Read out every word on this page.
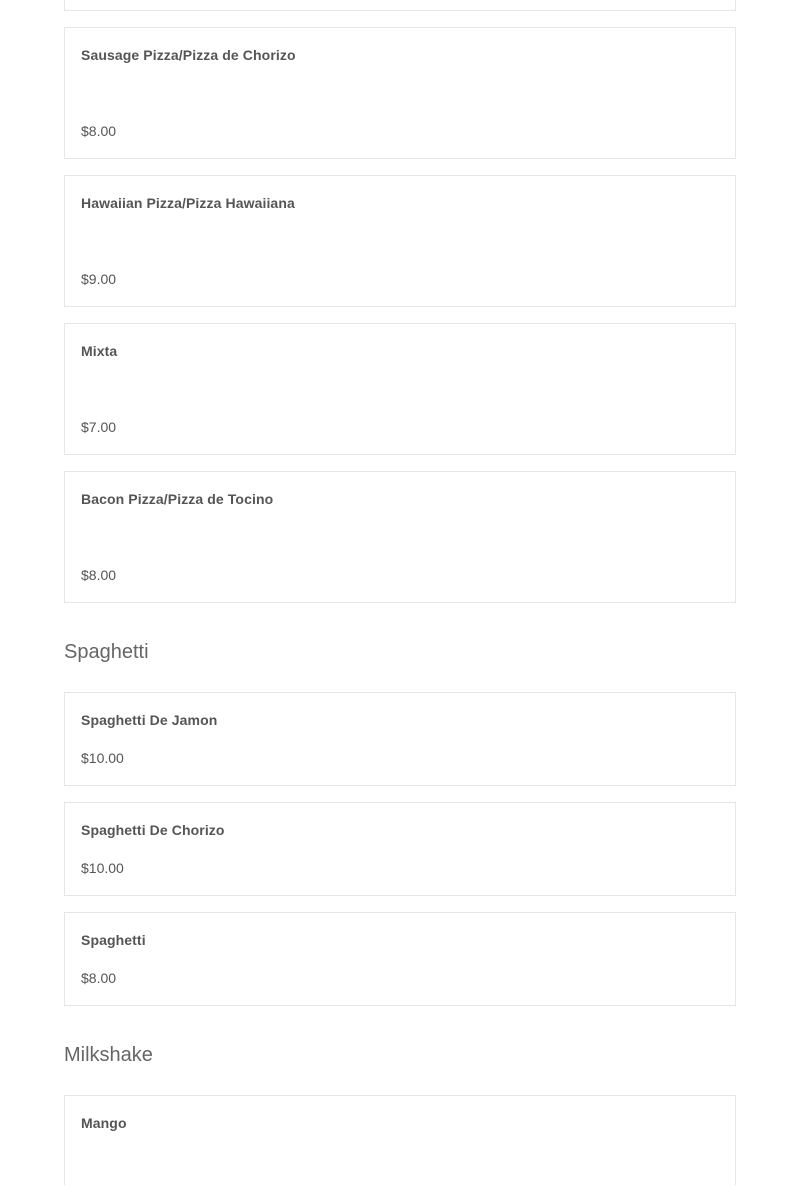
Sausage Pizza/Pizza de Chorizo

$8.00

Hawaiian Pizza/Pizza Hawaiiana

$9.00

Mixta

$7.00

Bacon Pizza/Pizza de Tocino

$8.00
Spaghetti

Spaghetti De Jamon

$10.00

Spaghetti De Chorizo

$10.00

Spaghetti

$8.00
Milkshake

Mango
